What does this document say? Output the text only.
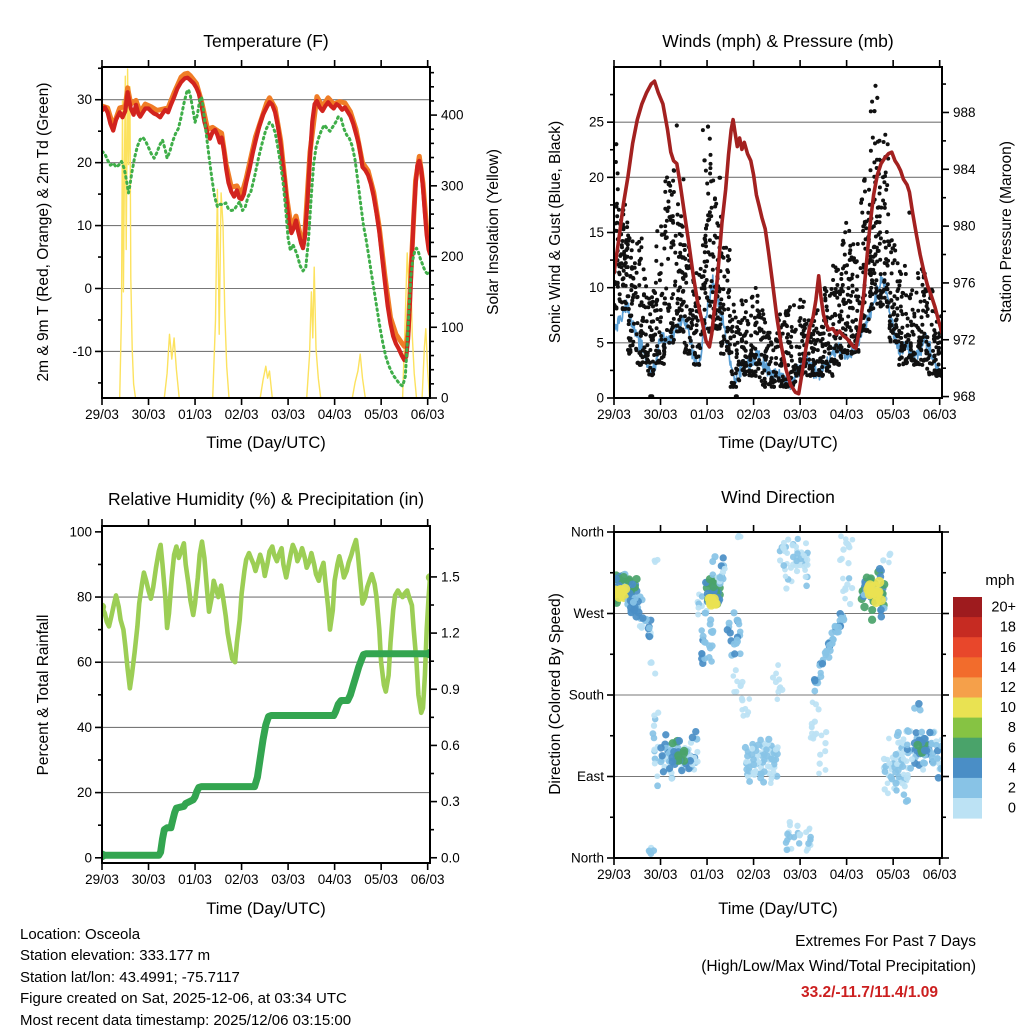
29/03 30/03 01/03 02/03 03/03 04/03 05/03 06/03
-10
0
10
20
30
0
100
200
300
400
29/03 30/03 01/03 02/03 03/03 04/03 05/03 06/03
0
5
10
15
20
25
968
972
976
980
984
988
29/03 30/03 01/03 02/03 03/03 04/03 05/03 06/03
0
20
40
60
80
100
0.0
0.3
0.6
0.9
1.2
1.5
29/03 30/03 01/03 02/03 03/03 04/03 05/03 06/03
North
East
South
West
North
mph
20+
18
16
14
12
10
8
6
4
2
0
Temperature (F)	Winds (mph) & Pressure (mb)
Relative Humidity (%) & Precipitation (in)	Wind Direction
2m & 9m T (Red, Orange) & 2m Td (Green)	Solar Insolation (Yellow)	Sonic Wind & Gust (Blue, Black)	Station Pressure (Maroon)
Percent & Total Rainfall	Direction (Colored By Speed)
Time (Day/UTC)	Time (Day/UTC)
Time (Day/UTC)	Time (Day/UTC)
Location: Osceola
Station elevation: 333.177 m
Station lat/lon: 43.4991; -75.7117
Figure created on Sat, 2025-12-06, at 03:34 UTC
Most recent data timestamp: 2025/12/06 03:15:00
Extremes For Past 7 Days
(High/Low/Max Wind/Total Precipitation)
33.2/-11.7/11.4/1.09
